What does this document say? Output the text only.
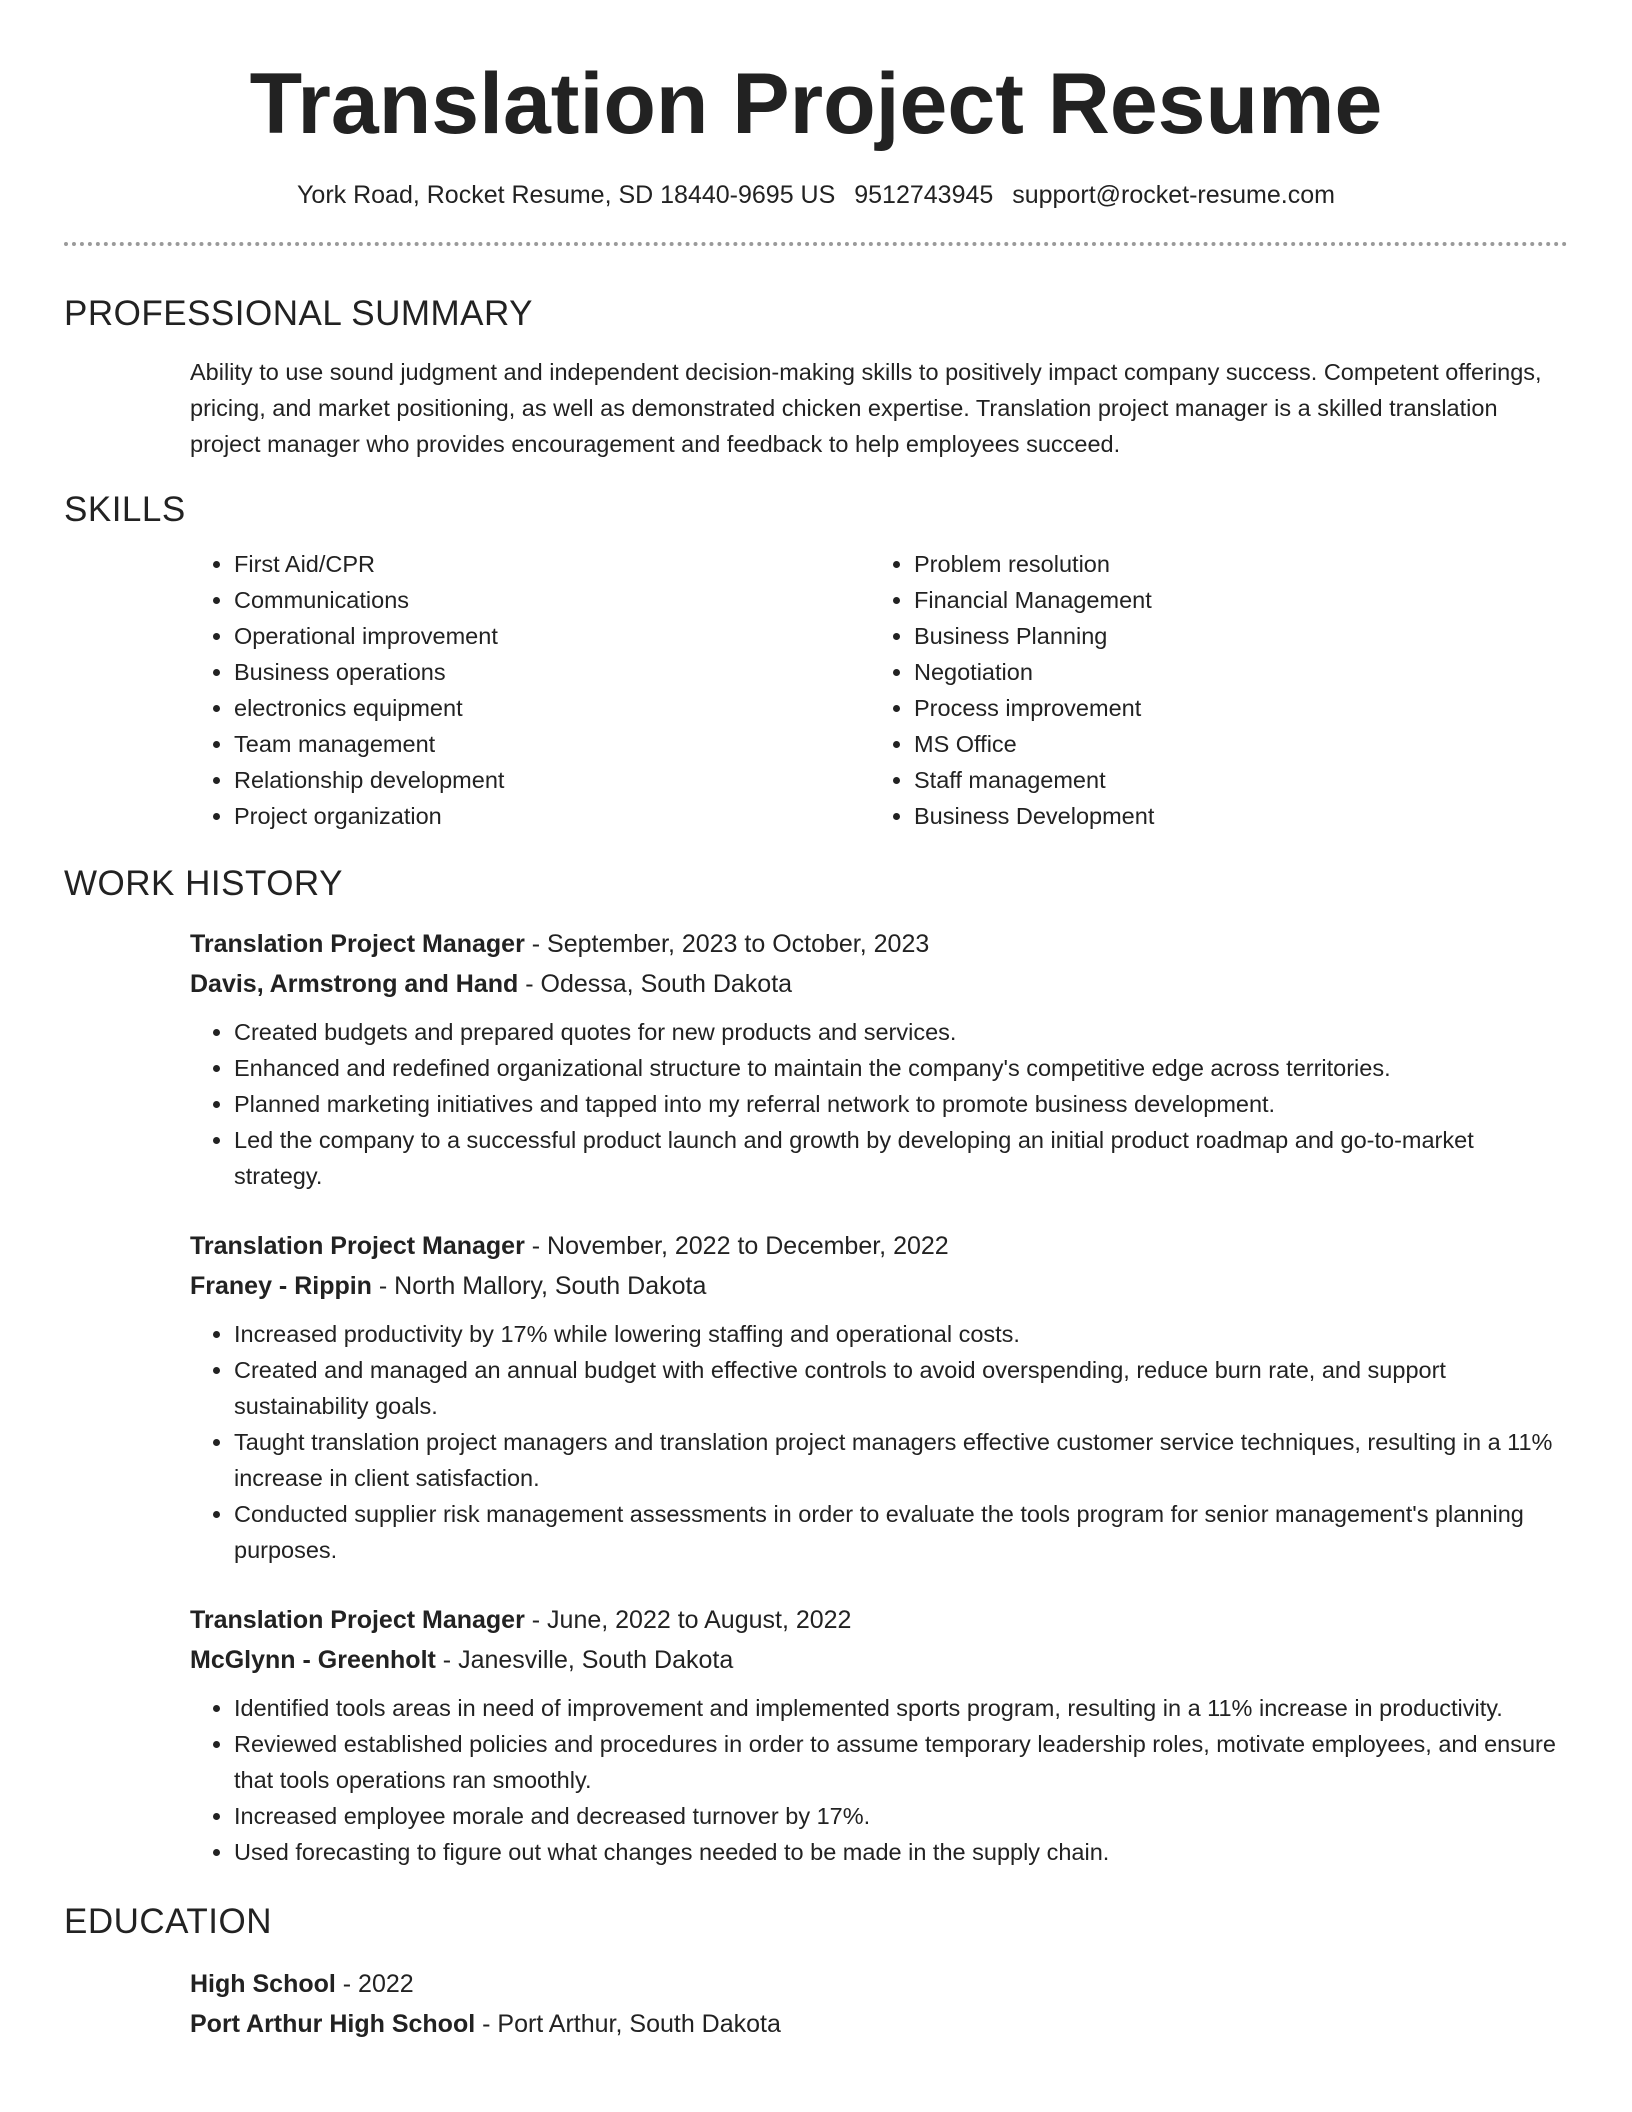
Translation Project Resume
York Road, Rocket Resume, SD 18440-9695 US 9512743945 support@rocket-resume.com
PROFESSIONAL SUMMARY
Ability to use sound judgment and independent decision-making skills to positively impact company success. Competent offerings, pricing, and market positioning, as well as demonstrated chicken expertise. Translation project manager is a skilled translation project manager who provides encouragement and feedback to help employees succeed.
SKILLS
• First Aid/CPR
• Communications
• Operational improvement
• Business operations
• electronics equipment
• Team management
• Relationship development
• Project organization
• Problem resolution
• Financial Management
• Business Planning
• Negotiation
• Process improvement
• MS Office
• Staff management
• Business Development
WORK HISTORY
Translation Project Manager - September, 2023 to October, 2023
Davis, Armstrong and Hand - Odessa, South Dakota
• Created budgets and prepared quotes for new products and services.
• Enhanced and redefined organizational structure to maintain the company's competitive edge across territories.
• Planned marketing initiatives and tapped into my referral network to promote business development.
• Led the company to a successful product launch and growth by developing an initial product roadmap and go-to-market strategy.
Translation Project Manager - November, 2022 to December, 2022
Franey - Rippin - North Mallory, South Dakota
• Increased productivity by 17% while lowering staffing and operational costs.
• Created and managed an annual budget with effective controls to avoid overspending, reduce burn rate, and support sustainability goals.
• Taught translation project managers and translation project managers effective customer service techniques, resulting in a 11% increase in client satisfaction.
• Conducted supplier risk management assessments in order to evaluate the tools program for senior management's planning purposes.
Translation Project Manager - June, 2022 to August, 2022
McGlynn - Greenholt - Janesville, South Dakota
• Identified tools areas in need of improvement and implemented sports program, resulting in a 11% increase in productivity.
• Reviewed established policies and procedures in order to assume temporary leadership roles, motivate employees, and ensure that tools operations ran smoothly.
• Increased employee morale and decreased turnover by 17%.
• Used forecasting to figure out what changes needed to be made in the supply chain.
EDUCATION
High School - 2022
Port Arthur High School - Port Arthur, South Dakota
